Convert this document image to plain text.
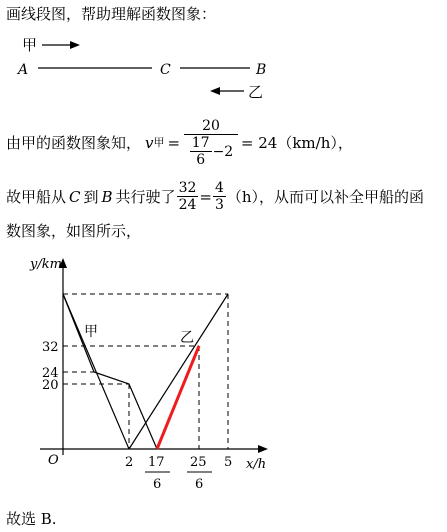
画线段图，帮助理解函数图象：
甲
A	C	B
乙
由甲的函数图象知， v 甲 = $\frac{20}{\frac{17}{6} -2} = 24(km/h)$，
故甲船从 C 到 B 共行驶了 $\frac{32}{24} = \frac{4}{3} (h)$，从而可以补全甲船的函
数图象，如图所示，
y/km
x/h
O
甲	乙
32
24
20
2 17
6
25
6
5
故选 B.
